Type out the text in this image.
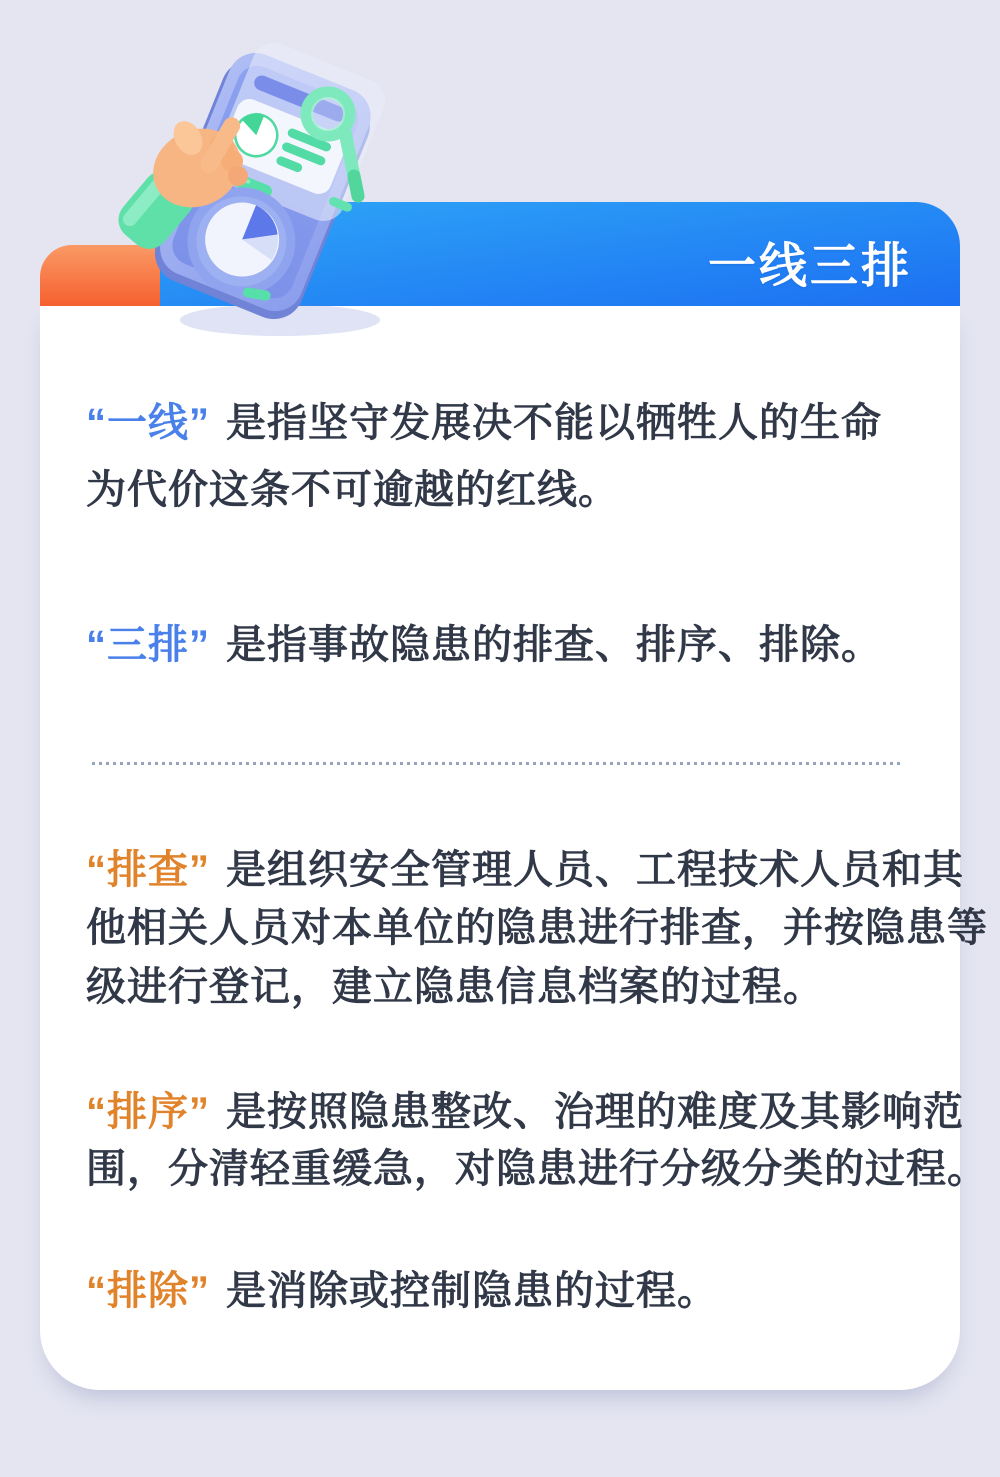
一线三排
“一线” 是指坚守发展决不能以牺牲人的生命
为代价这条不可逾越的红线。
“三排” 是指事故隐患的排查、排序、排除。
“排查” 是组织安全管理人员、工程技术人员和其
他相关人员对本单位的隐患进行排查，并按隐患等
级进行登记，建立隐患信息档案的过程。
“排序” 是按照隐患整改、治理的难度及其影响范
围，分清轻重缓急，对隐患进行分级分类的过程。
“排除” 是消除或控制隐患的过程。
